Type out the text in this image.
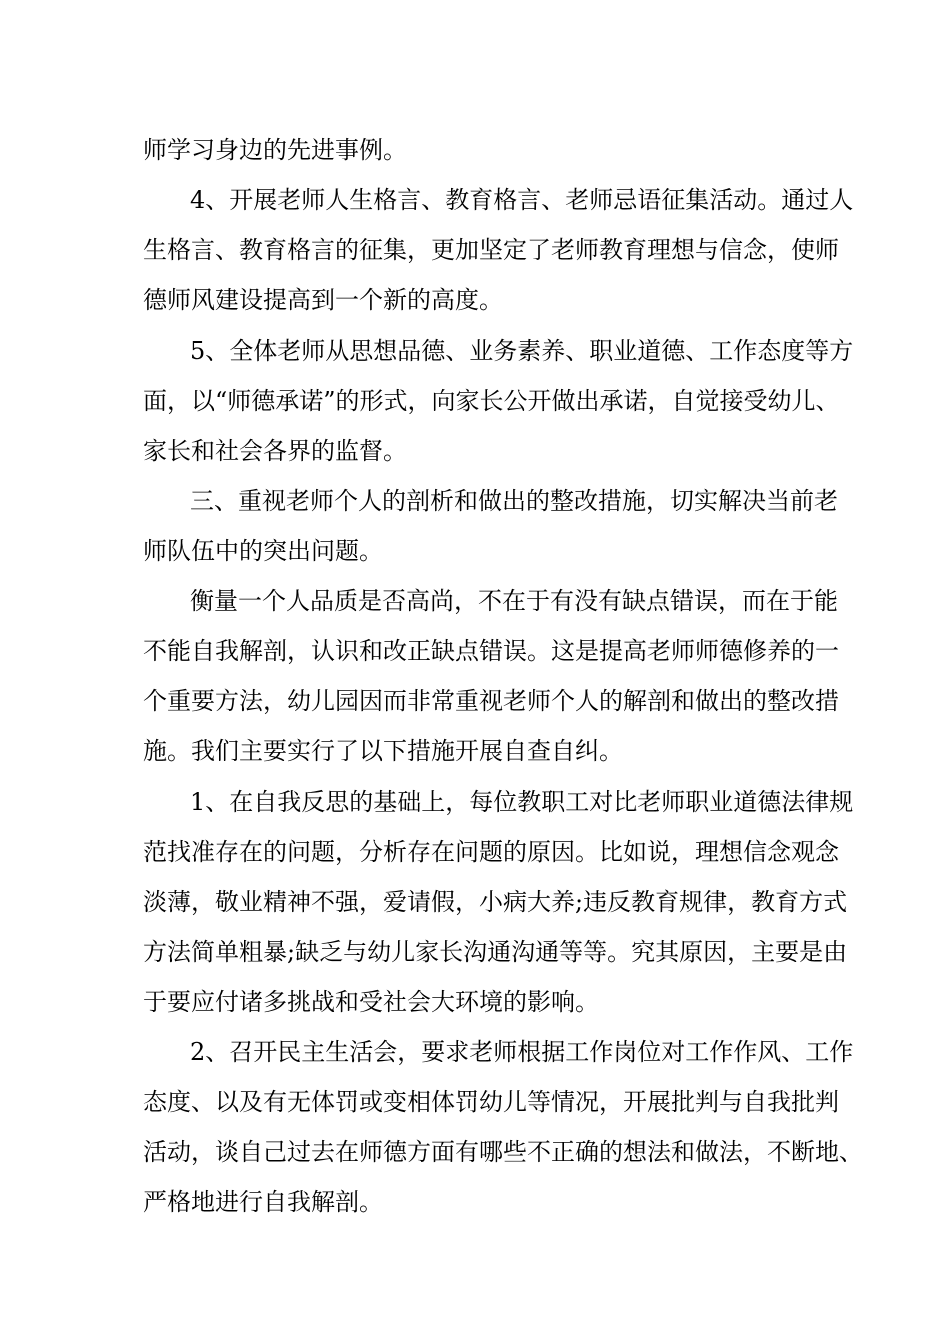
师学习身边的先进事例。
4、开展老师人生格言、教育格言、老师忌语征集活动。通过人
生格言、教育格言的征集，更加坚定了老师教育理想与信念，使师
德师风建设提高到一个新的高度。
5、全体老师从思想品德、业务素养、职业道德、工作态度等方
面，以“师德承诺”的形式，向家长公开做出承诺，自觉接受幼儿、
家长和社会各界的监督。
三、重视老师个人的剖析和做出的整改措施，切实解决当前老
师队伍中的突出问题。
衡量一个人品质是否高尚，不在于有没有缺点错误，而在于能
不能自我解剖，认识和改正缺点错误。这是提高老师师德修养的一
个重要方法，幼儿园因而非常重视老师个人的解剖和做出的整改措
施。我们主要实行了以下措施开展自查自纠。
1、在自我反思的基础上，每位教职工对比老师职业道德法律规
范找准存在的问题，分析存在问题的原因。比如说，理想信念观念
淡薄，敬业精神不强，爱请假，小病大养;违反教育规律，教育方式
方法简单粗暴;缺乏与幼儿家长沟通沟通等等。究其原因，主要是由
于要应付诸多挑战和受社会大环境的影响。
2、召开民主生活会，要求老师根据工作岗位对工作作风、工作
态度、以及有无体罚或变相体罚幼儿等情况，开展批判与自我批判
活动，谈自己过去在师德方面有哪些不正确的想法和做法，不断地、
严格地进行自我解剖。
